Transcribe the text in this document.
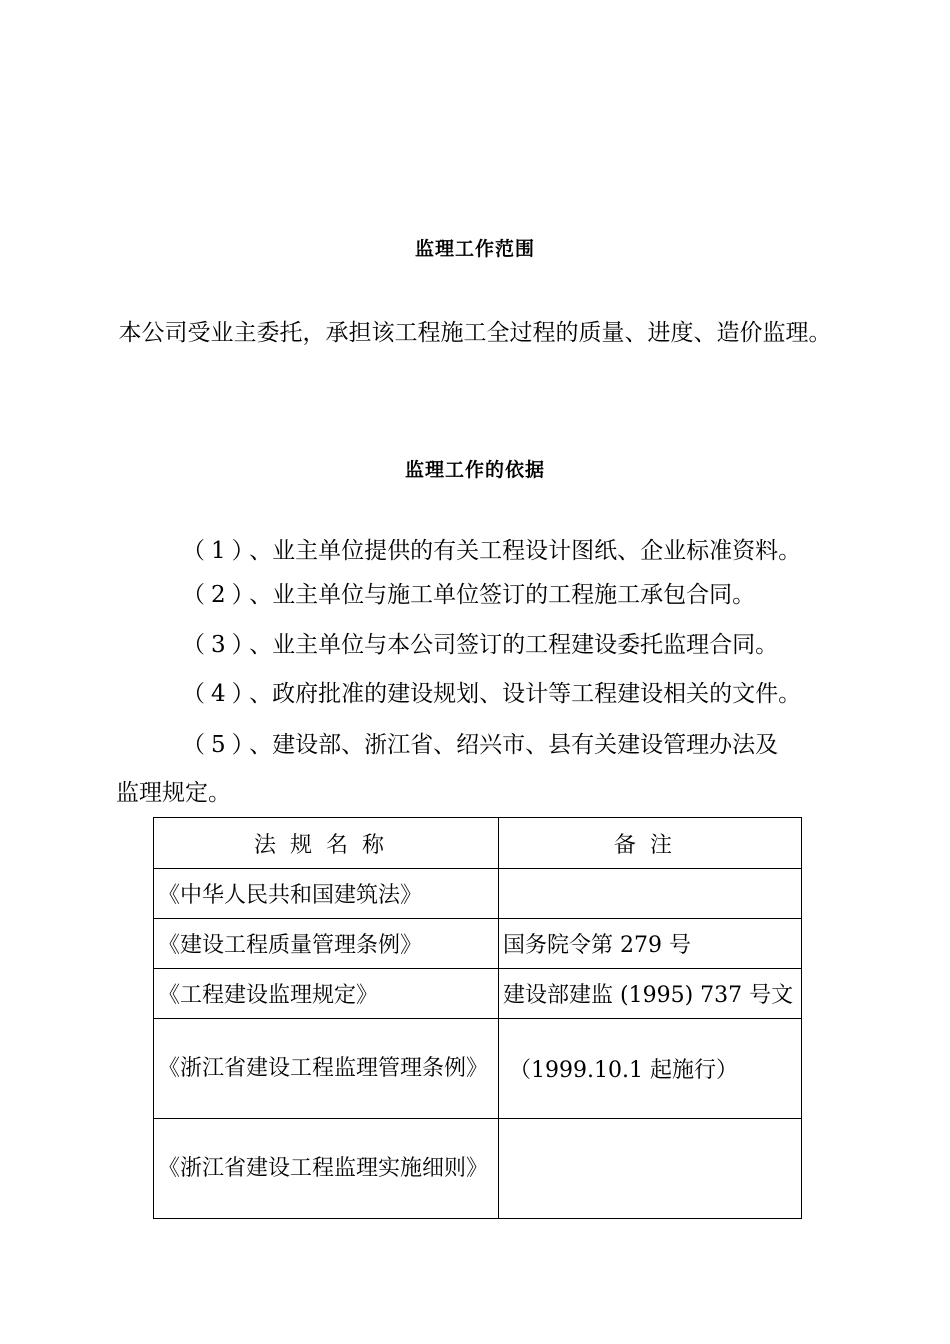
监理工作范围
本公司受业主委托，承担该工程施工全过程的质量、进度、造价监理。
监理工作的依据
（1）、业主单位提供的有关工程设计图纸、企业标准资料。
（2）、业主单位与施工单位签订的工程施工承包合同。
（3）、业主单位与本公司签订的工程建设委托监理合同。
（4）、政府批准的建设规划、设计等工程建设相关的文件。
（5）、建设部、浙江省、绍兴市、县有关建设管理办法及
监理规定。
法规名称	备注
《中华人民共和国建筑法》	
《建设工程质量管理条例》	国务院令第 279 号
《工程建设监理规定》	建设部建监 (1995) 737 号文
《浙江省建设工程监理管理条例》	（1999.10.1 起施行）
《浙江省建设工程监理实施细则》	
